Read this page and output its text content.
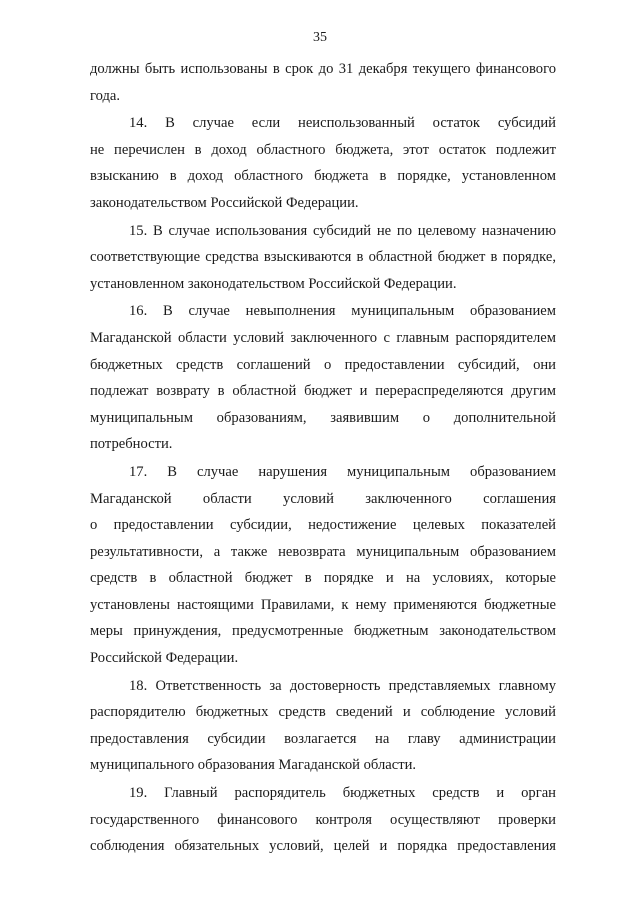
35
должны быть использованы в срок до 31 декабря текущего финансового
года.
14. В случае если неиспользованный остаток субсидий
не перечислен в доход областного бюджета, этот остаток подлежит
взысканию в доход областного бюджета в порядке, установленном
законодательством Российской Федерации.
15. В случае использования субсидий не по целевому назначению
соответствующие средства взыскиваются в областной бюджет в порядке,
установленном законодательством Российской Федерации.
16. В случае невыполнения муниципальным образованием
Магаданской области условий заключенного с главным распорядителем
бюджетных средств соглашений о предоставлении субсидий, они
подлежат возврату в областной бюджет и перераспределяются другим
муниципальным образованиям, заявившим о дополнительной
потребности.
17. В случае нарушения муниципальным образованием
Магаданской области условий заключенного соглашения
о предоставлении субсидии, недостижение целевых показателей
результативности, а также невозврата муниципальным образованием
средств в областной бюджет в порядке и на условиях, которые
установлены настоящими Правилами, к нему применяются бюджетные
меры принуждения, предусмотренные бюджетным законодательством
Российской Федерации.
18. Ответственность за достоверность представляемых главному
распорядителю бюджетных средств сведений и соблюдение условий
предоставления субсидии возлагается на главу администрации
муниципального образования Магаданской области.
19. Главный распорядитель бюджетных средств и орган
государственного финансового контроля осуществляют проверки
соблюдения обязательных условий, целей и порядка предоставления
